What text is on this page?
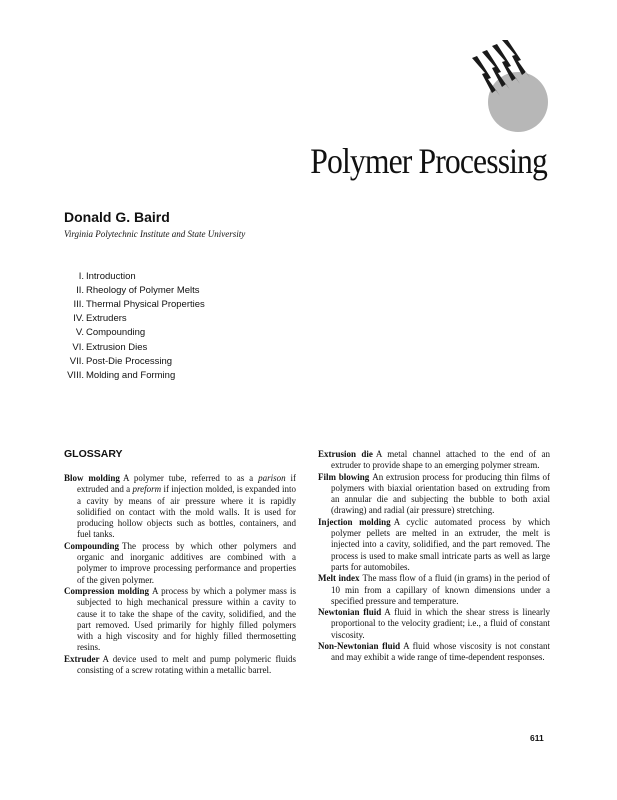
Polymer Processing
Donald G. Baird
Virginia Polytechnic Institute and State University
I. Introduction
II. Rheology of Polymer Melts
III. Thermal Physical Properties
IV. Extruders
V. Compounding
VI. Extrusion Dies
VII. Post-Die Processing
VIII. Molding and Forming
GLOSSARY

Blow molding A polymer tube, referred to as a parison if extruded and a preform if injection molded, is expanded into a cavity by means of air pressure where it is rapidly solidified on contact with the mold walls. It is used for producing hollow objects such as bottles, containers, and fuel tanks.

Compounding The process by which other polymers and organic and inorganic additives are combined with a polymer to improve processing performance and properties of the given polymer.

Compression molding A process by which a polymer mass is subjected to high mechanical pressure within a cavity to cause it to take the shape of the cavity, solidified, and the part removed. Used primarily for highly filled polymers with a high viscosity and for highly filled thermosetting resins.

Extruder A device used to melt and pump polymeric fluids consisting of a screw rotating within a metallic barrel.

Extrusion die A metal channel attached to the end of an extruder to provide shape to an emerging polymer stream.

Film blowing An extrusion process for producing thin films of polymers with biaxial orientation based on extruding from an annular die and subjecting the bubble to both axial (drawing) and radial (air pressure) stretching.

Injection molding A cyclic automated process by which polymer pellets are melted in an extruder, the melt is injected into a cavity, solidified, and the part removed. The process is used to make small intricate parts as well as large parts for automobiles.

Melt index The mass flow of a fluid (in grams) in the period of 10 min from a capillary of known dimensions under a specified pressure and temperature.

Newtonian fluid A fluid in which the shear stress is linearly proportional to the velocity gradient; i.e., a fluid of constant viscosity.

Non-Newtonian fluid A fluid whose viscosity is not constant and may exhibit a wide range of time-dependent responses.

611
